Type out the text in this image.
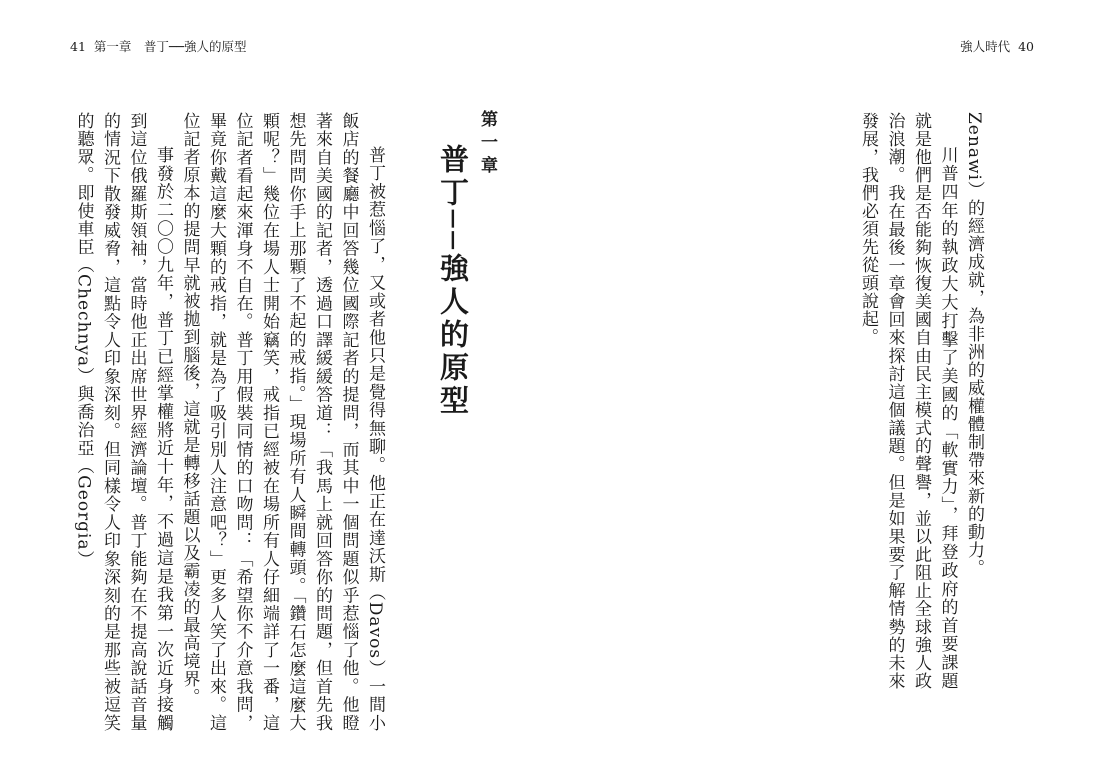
41 第一章　普丁──強人的原型

普丁被惹惱了，又或者他只是覺得無聊。他正在達沃斯（Davos）一間小飯店的餐廳中回答幾位國際記者的提問，而其中一個問題似乎惹惱了他。他瞪著來自美國的記者，透過口譯緩緩答道：「我馬上就回答你的問題，但首先我想先問問你手上那顆了不起的戒指。」現場所有人瞬間轉頭。「鑽石怎麼這麼大顆呢？」幾位在場人士開始竊笑，戒指已經被在場所有人仔細端詳了一番，這位記者看起來渾身不自在。普丁用假裝同情的口吻問：「希望你不介意我問，畢竟你戴這麼大顆的戒指，就是為了吸引別人注意吧？」更多人笑了出來。這位記者原本的提問早就被拋到腦後，這就是轉移話題以及霸凌的最高境界。

事發於二〇〇九年，普丁已經掌權將近十年，不過這是我第一次近身接觸到這位俄羅斯領袖，當時他正出席世界經濟論壇。普丁能夠在不提高說話音量的情況下散發威脅，這點令人印象深刻。但同樣令人印象深刻的是那些被逗笑的聽眾。即使車臣（Chechnya）與喬治亞（Georgia）	第一章
普丁──強人的原型
強人時代 40

Zenawi）的經濟成就，為非洲的威權體制帶來新的動力。

川普四年的執政大大打擊了美國的「軟實力」，拜登政府的首要課題就是他們是否能夠恢復美國自由民主模式的聲譽，並以此阻止全球強人政治浪潮。我在最後一章會回來探討這個議題。但是如果要了解情勢的未來發展，我們必須先從頭說起。
